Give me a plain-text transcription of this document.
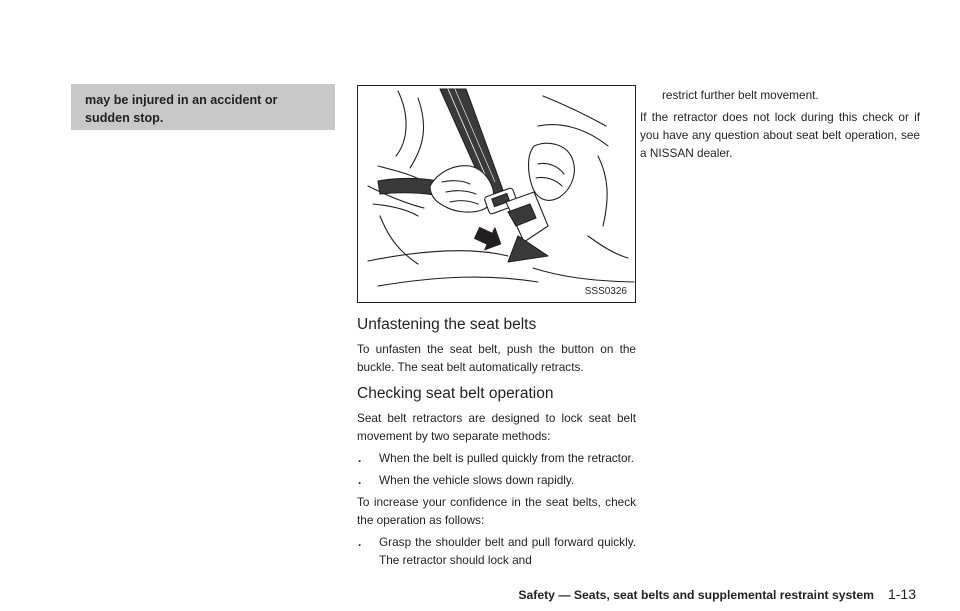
may be injured in an accident or sudden stop.
SSS0326
Unfastening the seat belts

To unfasten the seat belt, push the button on the buckle. The seat belt automatically retracts.

Checking seat belt operation

Seat belt retractors are designed to lock seat belt movement by two separate methods:

. When the belt is pulled quickly from the retractor.
. When the vehicle slows down rapidly.

To increase your confidence in the seat belts, check the operation as follows:

. Grasp the shoulder belt and pull forward quickly. The retractor should lock and

restrict further belt movement.

If the retractor does not lock during this check or if you have any question about seat belt operation, see a NISSAN dealer.

Safety — Seats, seat belts and supplemental restraint system 1-13
